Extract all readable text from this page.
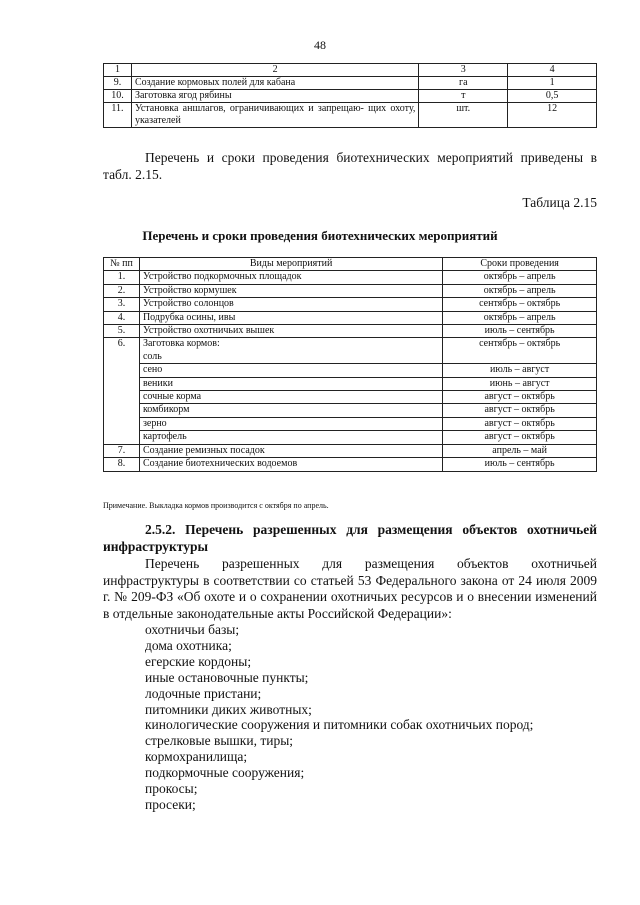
48
1	2	3	4
9.	Создание кормовых полей для кабана	га	1
10.	Заготовка ягод рябины	т	0,5
11.	Установка аншлагов, ограничивающих и запрещаю- щих охоту, указателей	шт.	12
Перечень и сроки проведения биотехнических мероприятий приведены в табл. 2.15.
Таблица 2.15
Перечень и сроки проведения биотехнических мероприятий
№ пп	Виды мероприятий	Сроки проведения
1.	Устройство подкормочных площадок	октябрь – апрель
2.	Устройство кормушек	октябрь – апрель
3.	Устройство солонцов	сентябрь – октябрь
4.	Подрубка осины, ивы	октябрь – апрель
5.	Устройство охотничьих вышек	июль – сентябрь
6.	Заготовка кормов:	сентябрь – октябрь
	соль	
	сено	июль – август
	веники	июнь – август
	сочные корма	август – октябрь
	комбикорм	август – октябрь
	зерно	август – октябрь
	картофель	август – октябрь
7.	Создание ремизных посадок	апрель – май
8.	Создание биотехнических водоемов	июль – сентябрь
Примечание. Выкладка кормов производится с октября по апрель.
2.5.2. Перечень разрешенных для размещения объектов охотничьей инфраструктуры
Перечень разрешенных для размещения объектов охотничьей инфраструктуры в соответствии со статьей 53 Федерального закона от 24 июля 2009 г. № 209-ФЗ «Об охоте и о сохранении охотничьих ресурсов и о внесении изменений в отдельные законодательные акты Российской Федерации»:
охотничьи базы;
дома охотника;
егерские кордоны;
иные остановочные пункты;
лодочные пристани;
питомники диких животных;
кинологические сооружения и питомники собак охотничьих пород;
стрелковые вышки, тиры;
кормохранилища;
подкормочные сооружения;
прокосы;
просеки;
